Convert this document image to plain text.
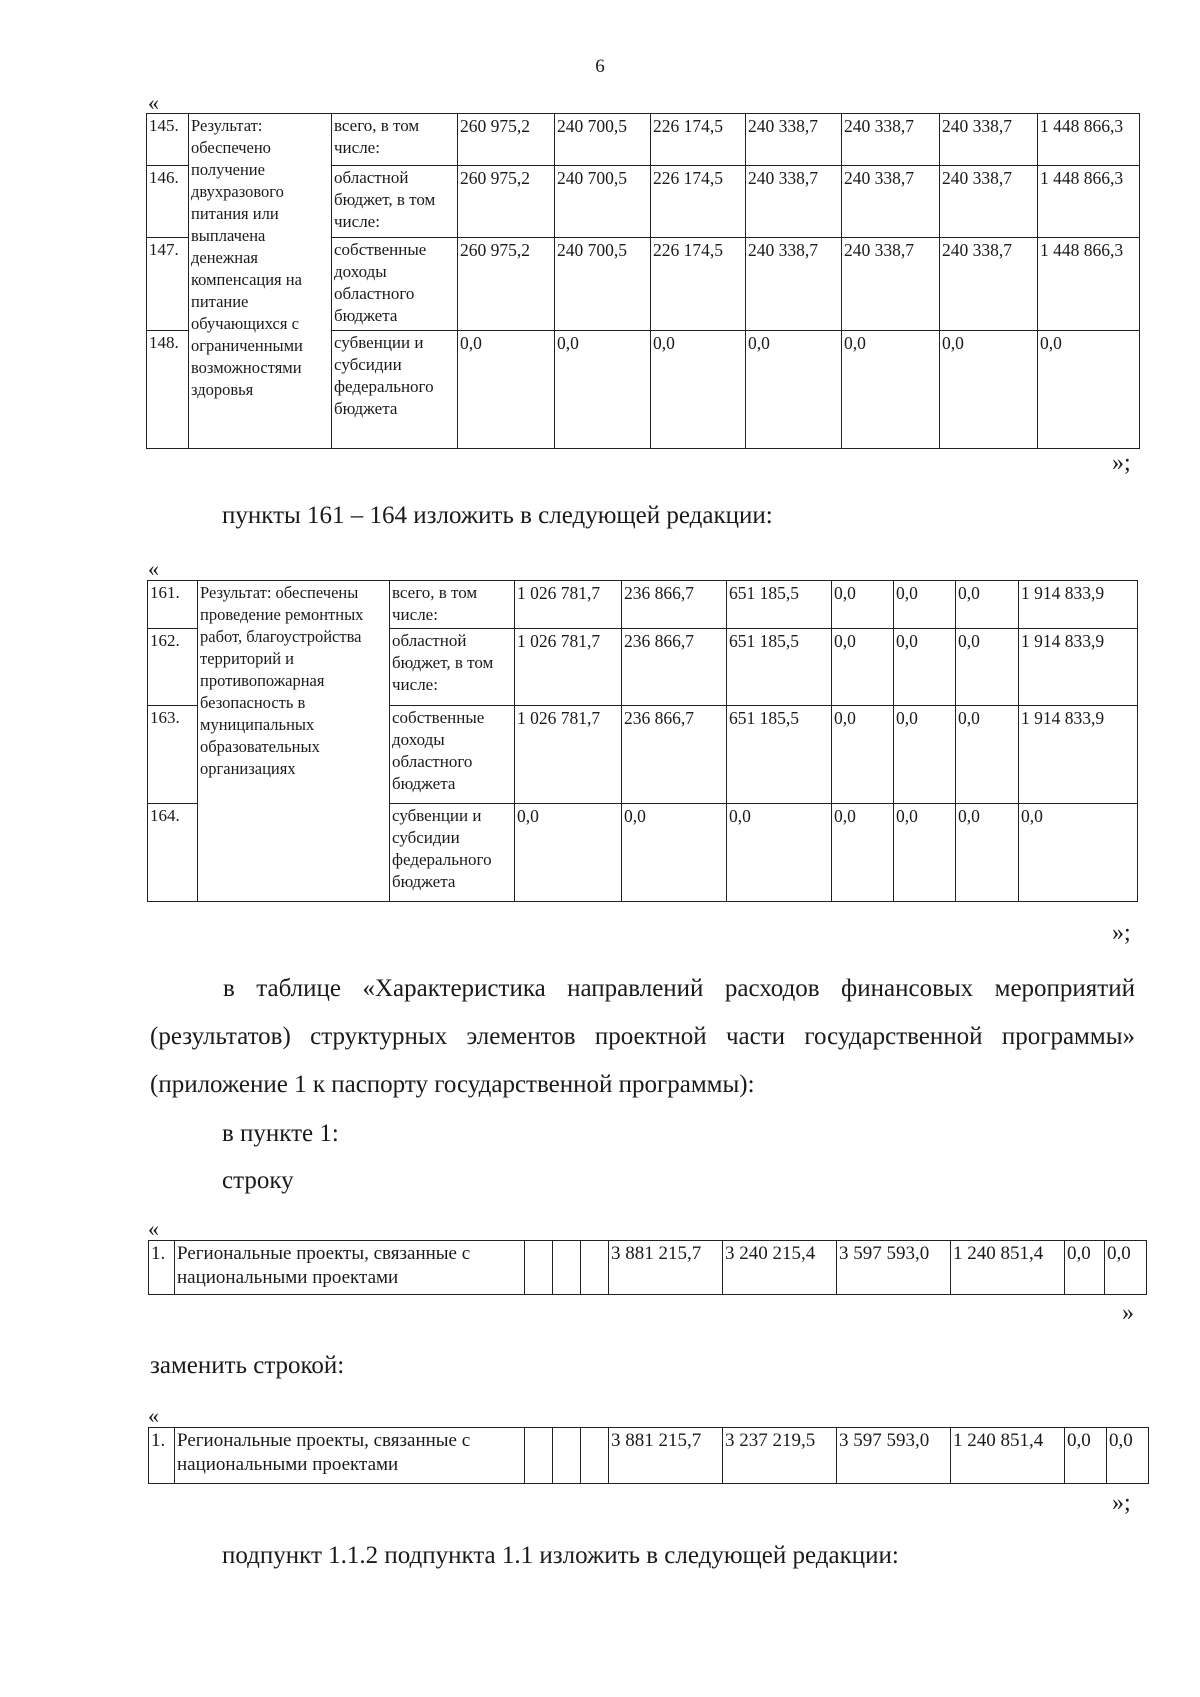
6
«
145.	Результат: обеспечено получение двухразового питания или выплачена денежная компенсация на питание обучающихся с ограниченными возможностями здоровья	всего, в том числе:	260 975,2	240 700,5	226 174,5	240 338,7	240 338,7	240 338,7	1 448 866,3
146.		областной бюджет, в том числе:	260 975,2	240 700,5	226 174,5	240 338,7	240 338,7	240 338,7	1 448 866,3
147.		собственные доходы областного бюджета	260 975,2	240 700,5	226 174,5	240 338,7	240 338,7	240 338,7	1 448 866,3
148.		субвенции и субсидии федерального бюджета	0,0	0,0	0,0	0,0	0,0	0,0	0,0
»;
пункты 161 – 164 изложить в следующей редакции:
«
161.	Результат: обеспечены проведение ремонтных работ, благоустройства территорий и противопожарная безопасность в муниципальных образовательных организациях	всего, в том числе:	1 026 781,7	236 866,7	651 185,5	0,0	0,0	0,0	1 914 833,9
162.		областной бюджет, в том числе:	1 026 781,7	236 866,7	651 185,5	0,0	0,0	0,0	1 914 833,9
163.		собственные доходы областного бюджета	1 026 781,7	236 866,7	651 185,5	0,0	0,0	0,0	1 914 833,9
164.		субвенции и субсидии федерального бюджета	0,0	0,0	0,0	0,0	0,0	0,0	0,0
»;
в таблице «Характеристика направлений расходов финансовых мероприятий (результатов) структурных элементов проектной части государственной программы» (приложение 1 к паспорту государственной программы):
в пункте 1:
строку
«
1.	Региональные проекты, связанные с национальными проектами				3 881 215,7	3 240 215,4	3 597 593,0	1 240 851,4	0,0	0,0
»
заменить строкой:
«
1.	Региональные проекты, связанные с национальными проектами				3 881 215,7	3 237 219,5	3 597 593,0	1 240 851,4	0,0	0,0
»;
подпункт 1.1.2 подпункта 1.1 изложить в следующей редакции:
